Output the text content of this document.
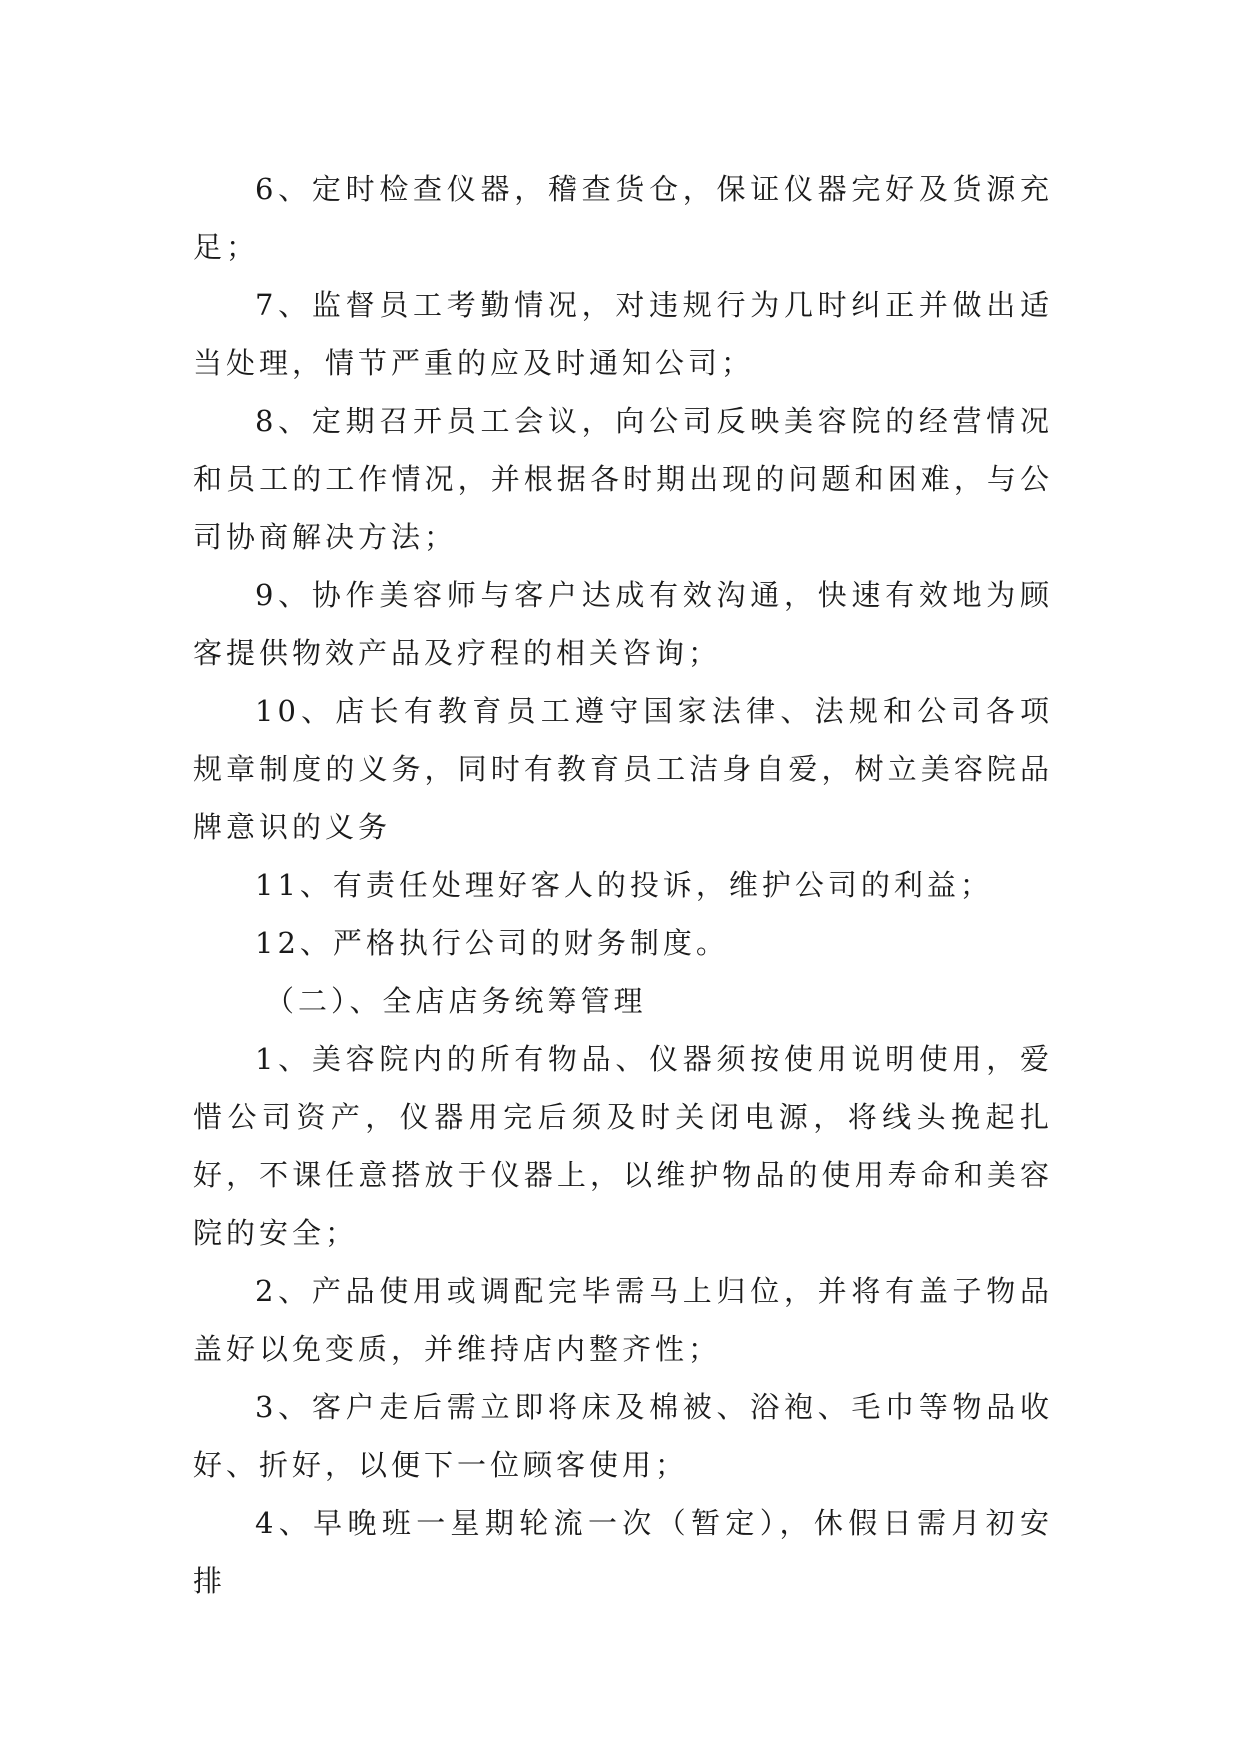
6、定时检查仪器，稽查货仓，保证仪器完好及货源充足；

7、监督员工考勤情况，对违规行为几时纠正并做出适当处理，情节严重的应及时通知公司；

8、定期召开员工会议，向公司反映美容院的经营情况和员工的工作情况，并根据各时期出现的问题和困难，与公司协商解决方法；

9、协作美容师与客户达成有效沟通，快速有效地为顾客提供物效产品及疗程的相关咨询；

10、店长有教育员工遵守国家法律、法规和公司各项规章制度的义务，同时有教育员工洁身自爱，树立美容院品牌意识的义务

11、有责任处理好客人的投诉，维护公司的利益；

12、严格执行公司的财务制度。

（二）、全店店务统筹管理

1、美容院内的所有物品、仪器须按使用说明使用，爱惜公司资产，仪器用完后须及时关闭电源，将线头挽起扎好，不课任意搭放于仪器上，以维护物品的使用寿命和美容院的安全；

2、产品使用或调配完毕需马上归位，并将有盖子物品盖好以免变质，并维持店内整齐性；

3、客户走后需立即将床及棉被、浴袍、毛巾等物品收好、折好，以便下一位顾客使用；

4、早晚班一星期轮流一次（暂定），休假日需月初安排
